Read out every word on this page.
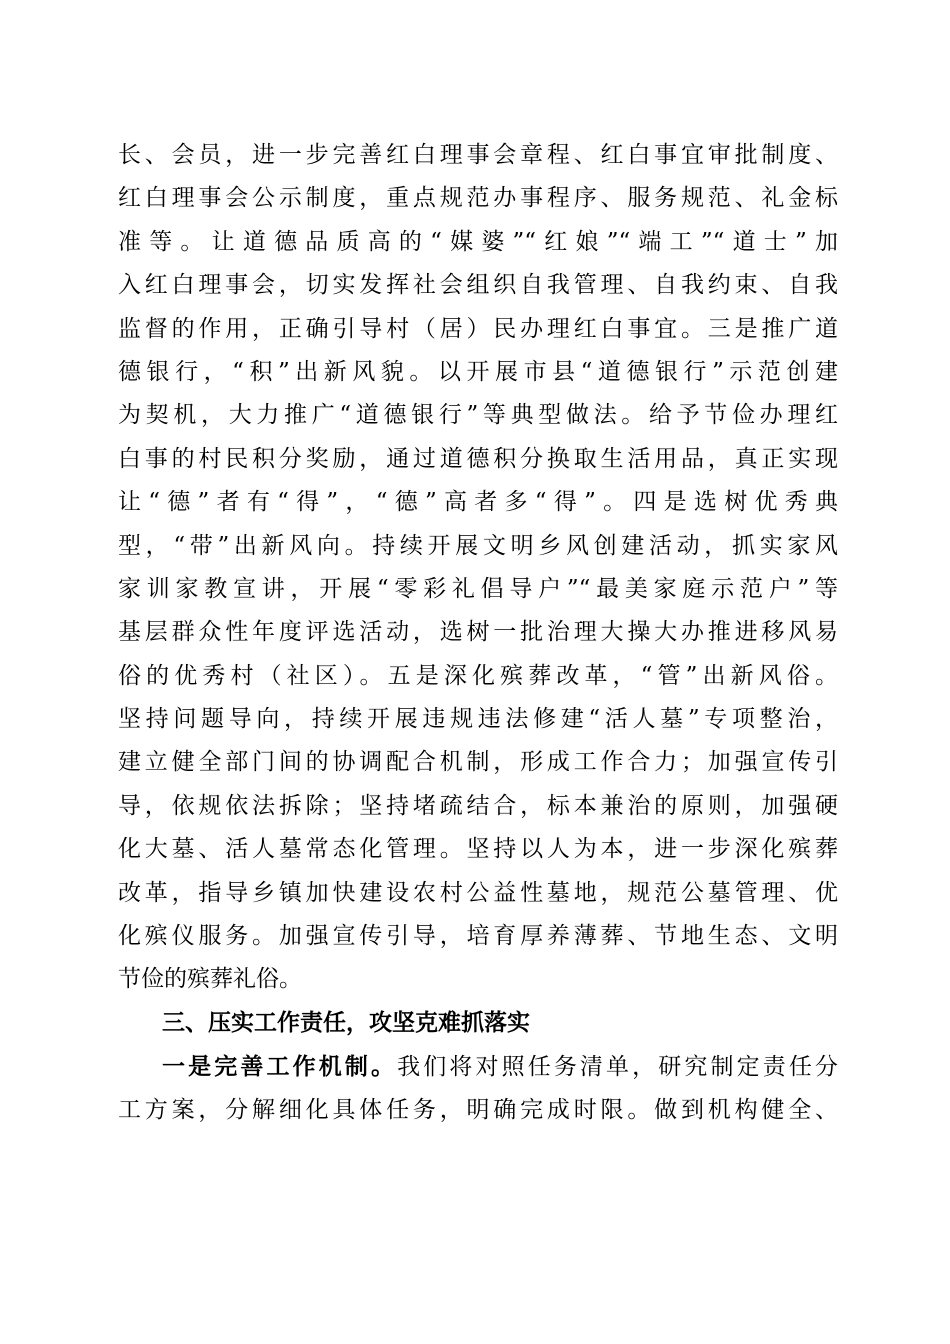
长、会员，进一步完善红白理事会章程、红白事宜审批制度、
红白理事会公示制度，重点规范办事程序、服务规范、礼金标
准等。让道德品质高的“媒婆”“红娘”“端工”“道士”加
入红白理事会，切实发挥社会组织自我管理、自我约束、自我
监督的作用，正确引导村（居）民办理红白事宜。三是推广道
德银行，“积”出新风貌。以开展市县“道德银行”示范创建
为契机，大力推广“道德银行”等典型做法。给予节俭办理红
白事的村民积分奖励，通过道德积分换取生活用品，真正实现
让“德”者有“得”，“德”高者多“得”。四是选树优秀典
型，“带”出新风向。持续开展文明乡风创建活动，抓实家风
家训家教宣讲，开展“零彩礼倡导户”“最美家庭示范户”等
基层群众性年度评选活动，选树一批治理大操大办推进移风易
俗的优秀村（社区）。五是深化殡葬改革，“管”出新风俗。
坚持问题导向，持续开展违规违法修建“活人墓”专项整治，
建立健全部门间的协调配合机制，形成工作合力；加强宣传引
导，依规依法拆除；坚持堵疏结合，标本兼治的原则，加强硬
化大墓、活人墓常态化管理。坚持以人为本，进一步深化殡葬
改革，指导乡镇加快建设农村公益性墓地，规范公墓管理、优
化殡仪服务。加强宣传引导，培育厚养薄葬、节地生态、文明
节俭的殡葬礼俗。
三、压实工作责任，攻坚克难抓落实
一是完善工作机制。我们将对照任务清单，研究制定责任分
工方案，分解细化具体任务，明确完成时限。做到机构健全、
